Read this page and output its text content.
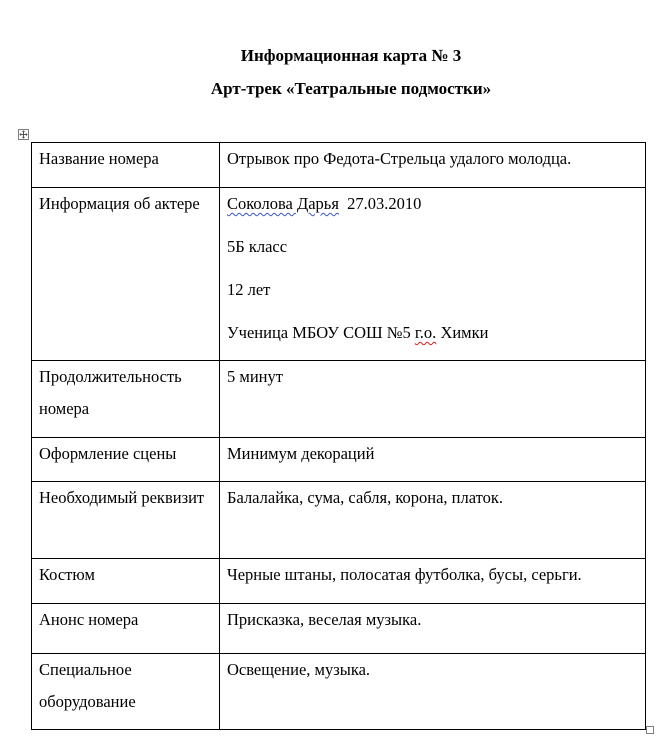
Информационная карта № 3
Арт-трек «Театральные подмостки»
Название номера	Отрывок про Федота-Стрельца удалого молодца.
Информация об актере	Соколова Дарья 27.03.2010
5Б класс
12 лет
Ученица МБОУ СОШ №5 г.о. Химки

Продолжительность номера	5 минут
Оформление сцены	Минимум декораций
Необходимый реквизит	Балалайка, сума, сабля, корона, платок.
Костюм	Черные штаны, полосатая футболка, бусы, серьги.
Анонс номера	Присказка, веселая музыка.
Специальное оборудование	Освещение, музыка.
